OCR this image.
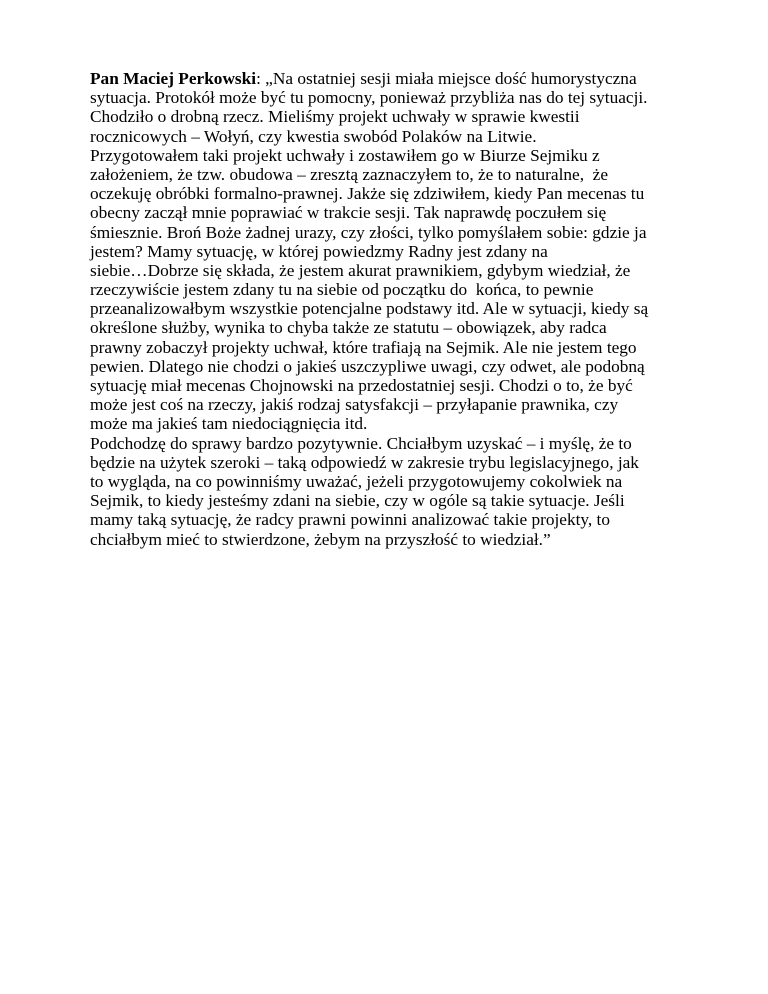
Pan Maciej Perkowski: „Na ostatniej sesji miała miejsce dość humorystyczna
sytuacja. Protokół może być tu pomocny, ponieważ przybliża nas do tej sytuacji.
Chodziło o drobną rzecz. Mieliśmy projekt uchwały w sprawie kwestii
rocznicowych – Wołyń, czy kwestia swobód Polaków na Litwie.
Przygotowałem taki projekt uchwały i zostawiłem go w Biurze Sejmiku z
założeniem, że tzw. obudowa – zresztą zaznaczyłem to, że to naturalne,  że
oczekuję obróbki formalno-prawnej. Jakże się zdziwiłem, kiedy Pan mecenas tu
obecny zaczął mnie poprawiać w trakcie sesji. Tak naprawdę poczułem się
śmiesznie. Broń Boże żadnej urazy, czy złości, tylko pomyślałem sobie: gdzie ja
jestem? Mamy sytuację, w której powiedzmy Radny jest zdany na
siebie…Dobrze się składa, że jestem akurat prawnikiem, gdybym wiedział, że
rzeczywiście jestem zdany tu na siebie od początku do  końca, to pewnie
przeanalizowałbym wszystkie potencjalne podstawy itd. Ale w sytuacji, kiedy są
określone służby, wynika to chyba także ze statutu – obowiązek, aby radca
prawny zobaczył projekty uchwał, które trafiają na Sejmik. Ale nie jestem tego
pewien. Dlatego nie chodzi o jakieś uszczypliwe uwagi, czy odwet, ale podobną
sytuację miał mecenas Chojnowski na przedostatniej sesji. Chodzi o to, że być
może jest coś na rzeczy, jakiś rodzaj satysfakcji – przyłapanie prawnika, czy
może ma jakieś tam niedociągnięcia itd.
Podchodzę do sprawy bardzo pozytywnie. Chciałbym uzyskać – i myślę, że to
będzie na użytek szeroki – taką odpowiedź w zakresie trybu legislacyjnego, jak
to wygląda, na co powinniśmy uważać, jeżeli przygotowujemy cokolwiek na
Sejmik, to kiedy jesteśmy zdani na siebie, czy w ogóle są takie sytuacje. Jeśli
mamy taką sytuację, że radcy prawni powinni analizować takie projekty, to
chciałbym mieć to stwierdzone, żebym na przyszłość to wiedział.”
